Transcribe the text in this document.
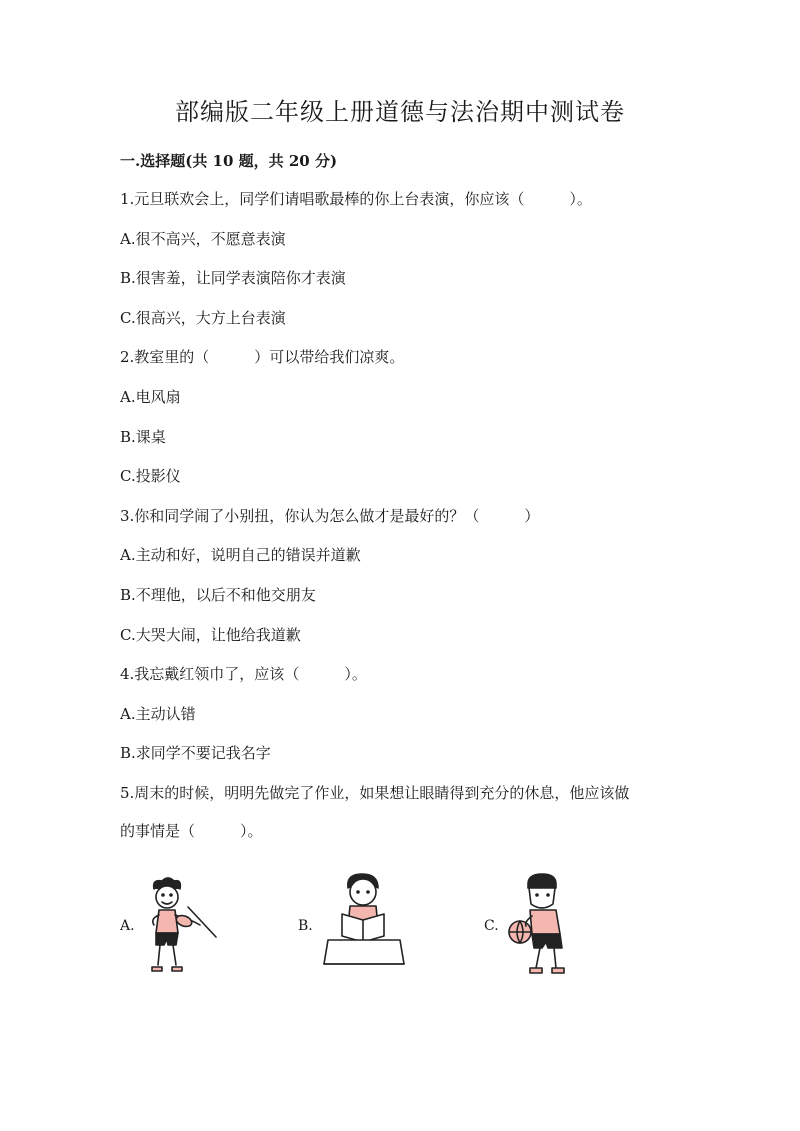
部编版二年级上册道德与法治期中测试卷
一.选择题(共 10 题，共 20 分)
1.元旦联欢会上，同学们请唱歌最棒的你上台表演，你应该（　　　）。
A.很不高兴，不愿意表演
B.很害羞，让同学表演陪你才表演
C.很高兴，大方上台表演
2.教室里的（　　　）可以带给我们凉爽。
A.电风扇
B.课桌
C.投影仪
3.你和同学闹了小别扭，你认为怎么做才是最好的？（　　　）
A.主动和好，说明自己的错误并道歉
B.不理他，以后不和他交朋友
C.大哭大闹，让他给我道歉
4.我忘戴红领巾了，应该（　　　）。
A.主动认错
B.求同学不要记我名字
5.周末的时候，明明先做完了作业，如果想让眼睛得到充分的休息，他应该做
的事情是（　　　）。
A.	B.	C.
